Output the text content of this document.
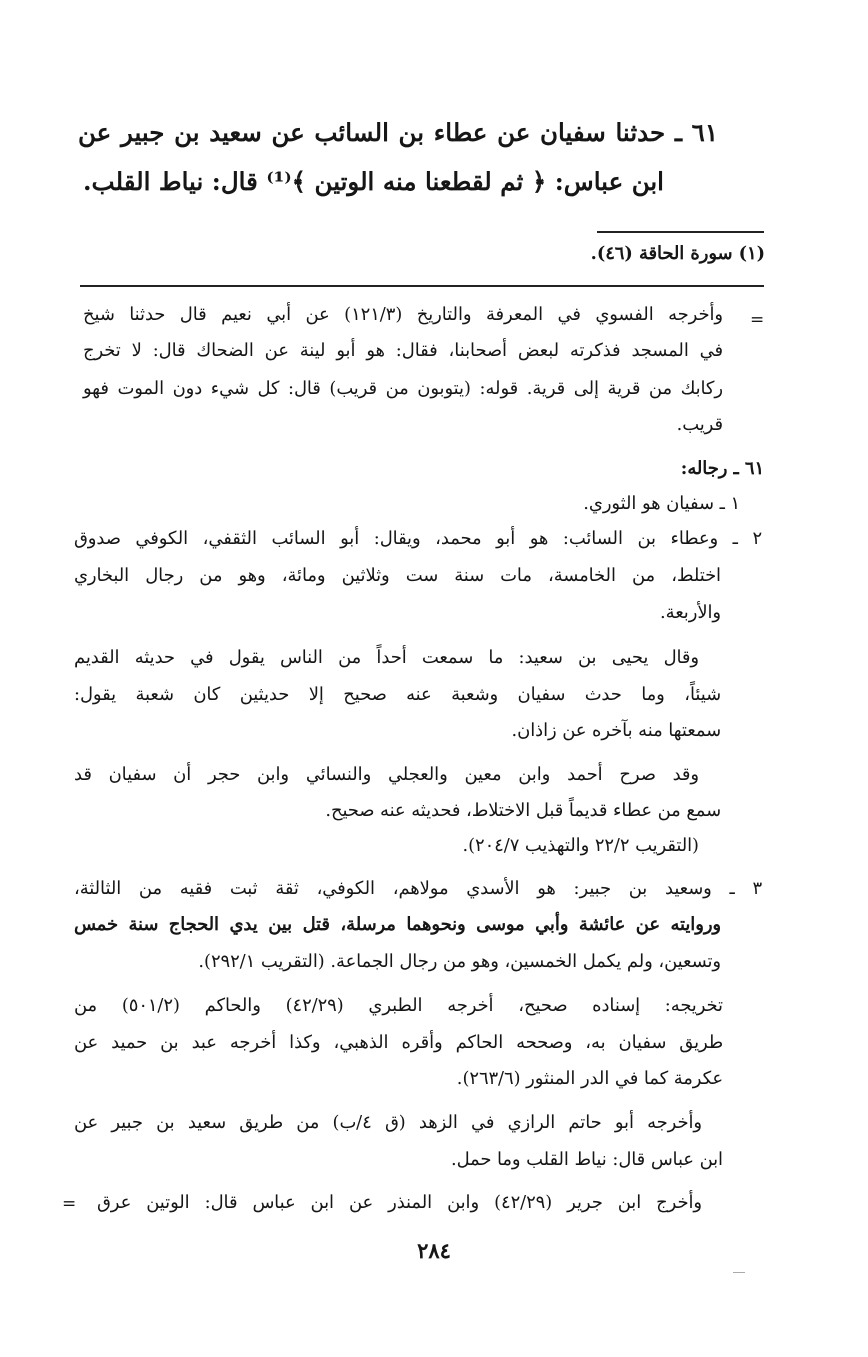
٦١ ـ حدثنا سفيان عن عطاء بن السائب عن سعيد بن جبير عن
ابن عباس: ﴿ ثم لقطعنا منه الوتين ﴾⁽¹⁾ قال: نياط القلب.
(١) سورة الحاقة (٤٦).
=
وأخرجه الفسوي في المعرفة والتاريخ (١٢١/٣) عن أبي نعيم قال حدثنا شيخ
في المسجد فذكرته لبعض أصحابنا، فقال: هو أبو لينة عن الضحاك قال: لا تخرج
ركابك من قرية إلى قرية. قوله: (يتوبون من قريب) قال: كل شيء دون الموت فهو
قريب.
٦١ ـ رجاله:
١ ـ سفيان هو الثوري.
٢ ـ وعطاء بن السائب: هو أبو محمد، ويقال: أبو السائب الثقفي، الكوفي صدوق
اختلط، من الخامسة، مات سنة ست وثلاثين ومائة، وهو من رجال البخاري
والأربعة.
وقال يحيى بن سعيد: ما سمعت أحداً من الناس يقول في حديثه القديم
شيئاً، وما حدث سفيان وشعبة عنه صحيح إلا حديثين كان شعبة يقول:
سمعتها منه بآخره عن زاذان.
وقد صرح أحمد وابن معين والعجلي والنسائي وابن حجر أن سفيان قد
سمع من عطاء قديماً قبل الاختلاط، فحديثه عنه صحيح.
(التقريب ٢٢/٢ والتهذيب ٢٠٤/٧).
٣ ـ وسعيد بن جبير: هو الأسدي مولاهم، الكوفي، ثقة ثبت فقيه من الثالثة،
وروايته عن عائشة وأبي موسى ونحوهما مرسلة، قتل بين يدي الحجاج سنة خمس
وتسعين، ولم يكمل الخمسين، وهو من رجال الجماعة. (التقريب ٢٩٢/١).
تخريجه: إسناده صحيح، أخرجه الطبري (٤٢/٢٩) والحاكم (٥٠١/٢) من
طريق سفيان به، وصححه الحاكم وأقره الذهبي، وكذا أخرجه عبد بن حميد عن
عكرمة كما في الدر المنثور (٢٦٣/٦).
وأخرجه أبو حاتم الرازي في الزهد (ق ٤/ب) من طريق سعيد بن جبير عن
ابن عباس قال: نياط القلب وما حمل.
وأخرج ابن جرير (٤٢/٢٩) وابن المنذر عن ابن عباس قال: الوتين عرق
=
٢٨٤
